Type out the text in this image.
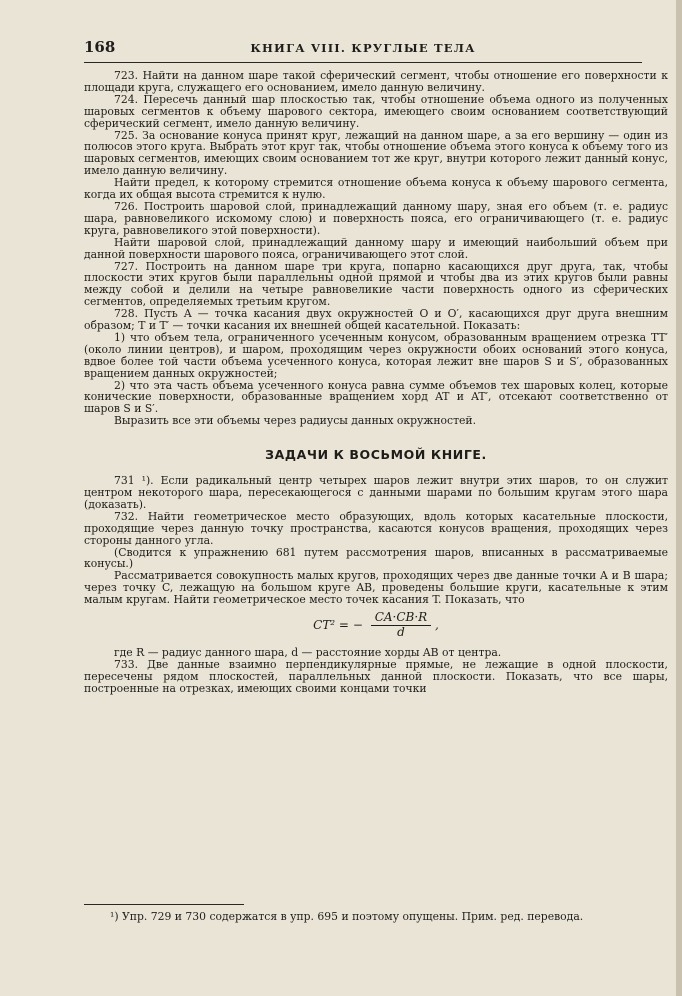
168	КНИГА VIII. КРУГЛЫЕ ТЕЛА

723. Найти на данном шаре такой сферический сегмент, чтобы отношение его поверхности к площади круга, служащего его основанием, имело данную величину.

724. Пересечь данный шар плоскостью так, чтобы отношение объема одного из полученных шаровых сегментов к объему шарового сектора, имеющего своим основанием соответствующий сферический сегмент, имело данную величину.

725. За основание конуса принят круг, лежащий на данном шаре, а за его вершину — один из полюсов этого круга. Выбрать этот круг так, чтобы отношение объема этого конуса к объему того из шаровых сегментов, имеющих своим основанием тот же круг, внутри которого лежит данный конус, имело данную величину.

Найти предел, к которому стремится отношение объема конуса к объему шарового сегмента, когда их общая высота стремится к нулю.

726. Построить шаровой слой, принадлежащий данному шару, зная его объем (т. е. радиус шара, равновеликого искомому слою) и поверхность пояса, его ограничивающего (т. е. радиус круга, равновеликого этой поверхности).

Найти шаровой слой, принадлежащий данному шару и имеющий наибольший объем при данной поверхности шарового пояса, ограничивающего этот слой.

727. Построить на данном шаре три круга, попарно касающихся друг друга, так, чтобы плоскости этих кругов были параллельны одной прямой и чтобы два из этих кругов были равны между собой и делили на четыре равновеликие части поверхность одного из сферических сегментов, определяемых третьим кругом.

728. Пусть A — точка касания двух окружностей O и O′, касающихся друг друга внешним образом; T и T′ — точки касания их внешней общей касательной. Показать:

1) что объем тела, ограниченного усеченным конусом, образованным вращением отрезка TT′ (около линии центров), и шаром, проходящим через окружности обоих оснований этого конуса, вдвое более той части объема усеченного конуса, которая лежит вне шаров S и S′, образованных вращением данных окружностей;

2) что эта часть объема усеченного конуса равна сумме объемов тех шаровых колец, которые конические поверхности, образованные вращением хорд AT и AT′, отсекают соответственно от шаров S и S′.

Выразить все эти объемы через радиусы данных окружностей.

ЗАДАЧИ К ВОСЬМОЙ КНИГЕ.

731 ¹). Если радикальный центр четырех шаров лежит внутри этих шаров, то он служит центром некоторого шара, пересекающегося с данными шарами по большим кругам этого шара (доказать).

732. Найти геометрическое место образующих, вдоль которых касательные плоскости, проходящие через данную точку пространства, касаются конусов вращения, проходящих через стороны данного угла.

(Сводится к упражнению 681 путем рассмотрения шаров, вписанных в рассматриваемые конусы.)

Рассматривается совокупность малых кругов, проходящих через две данные точки A и B шара; через точку C, лежащую на большом круге AB, проведены большие круги, касательные к этим малым кругам. Найти геометрическое место точек касания T. Показать, что

CT² = − $\frac{CA\cdot CB\cdot R}{d}$ ,

где R — радиус данного шара, d — расстояние хорды AB от центра.

733. Две данные взаимно перпендикулярные прямые, не лежащие в одной плоскости, пересечены рядом плоскостей, параллельных данной плоскости. Показать, что все шары, построенные на отрезках, имеющих своими концами точки

¹) Упр. 729 и 730 содержатся в упр. 695 и поэтому опущены. Прим. ред. перевода.
